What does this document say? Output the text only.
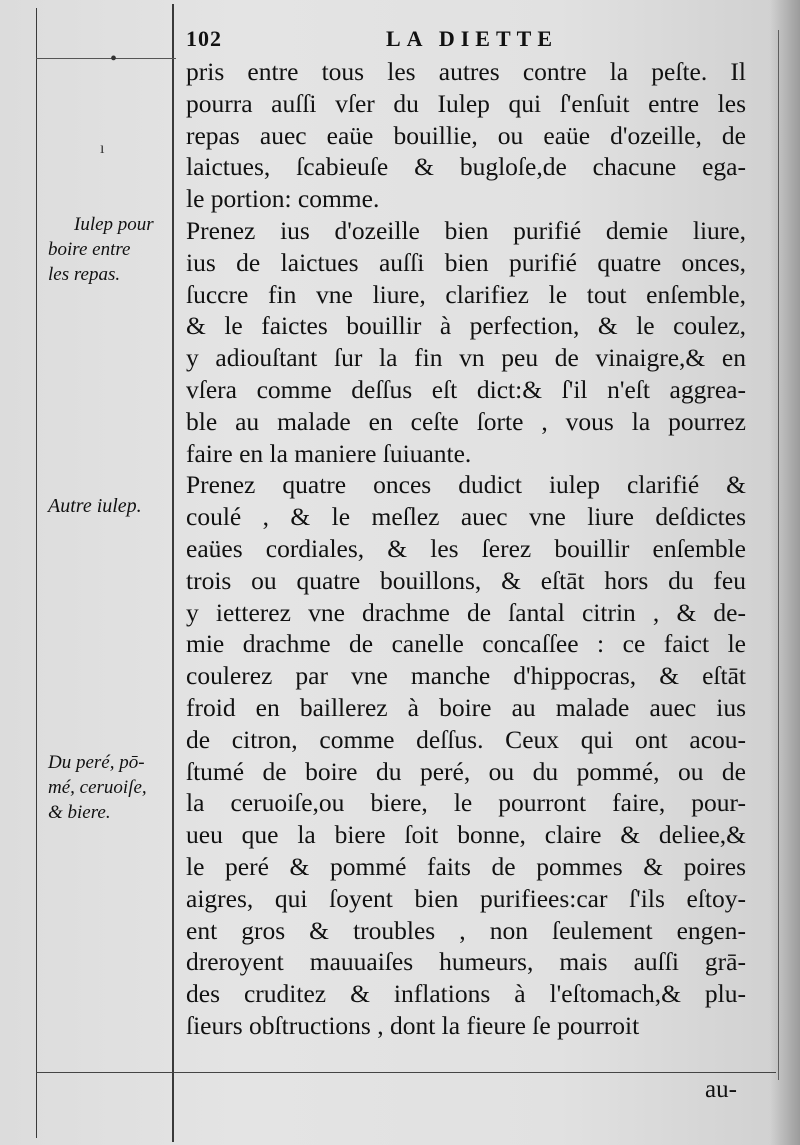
•
ı
102	LA DIETTE
Iulep pour
boire entre
les repas.
Autre iulep.
Du peré, pō-
mé, ceruoiſe,
& biere.
pris entre tous les autres contre la peſte. Il
pourra auſſi vſer du Iulep qui ſ'enſuit entre les
repas auec eaüe bouillie, ou eaüe d'ozeille, de
laictues, ſcabieuſe & bugloſe,de chacune ega-
le portion: comme.
Prenez ius d'ozeille bien purifié demie liure,
ius de laictues auſſi bien purifié quatre onces,
ſuccre fin vne liure, clarifiez le tout enſemble,
& le faictes bouillir à perfection, & le coulez,
y adiouſtant ſur la fin vn peu de vinaigre,& en
vſera comme deſſus eſt dict:& ſ'il n'eſt aggrea-
ble au malade en ceſte ſorte , vous la pourrez
faire en la maniere ſuiuante.
Prenez quatre onces dudict iulep clarifié &
coulé , & le meſlez auec vne liure deſdictes
eaües cordiales, & les ſerez bouillir enſemble
trois ou quatre bouillons, & eſtāt hors du feu
y ietterez vne drachme de ſantal citrin , & de-
mie drachme de canelle concaſſee : ce faict le
coulerez par vne manche d'hippocras, & eſtāt
froid en baillerez à boire au malade auec ius
de citron, comme deſſus. Ceux qui ont acou-
ſtumé de boire du peré, ou du pommé, ou de
la ceruoiſe,ou biere, le pourront faire, pour-
ueu que la biere ſoit bonne, claire & deliee,&
le peré & pommé faits de pommes & poires
aigres, qui ſoyent bien purifiees:car ſ'ils eſtoy-
ent gros & troubles , non ſeulement engen-
dreroyent mauuaiſes humeurs, mais auſſi grā-
des cruditez & inflations à l'eſtomach,& plu-
ſieurs obſtructions , dont la fieure ſe pourroit
au-
